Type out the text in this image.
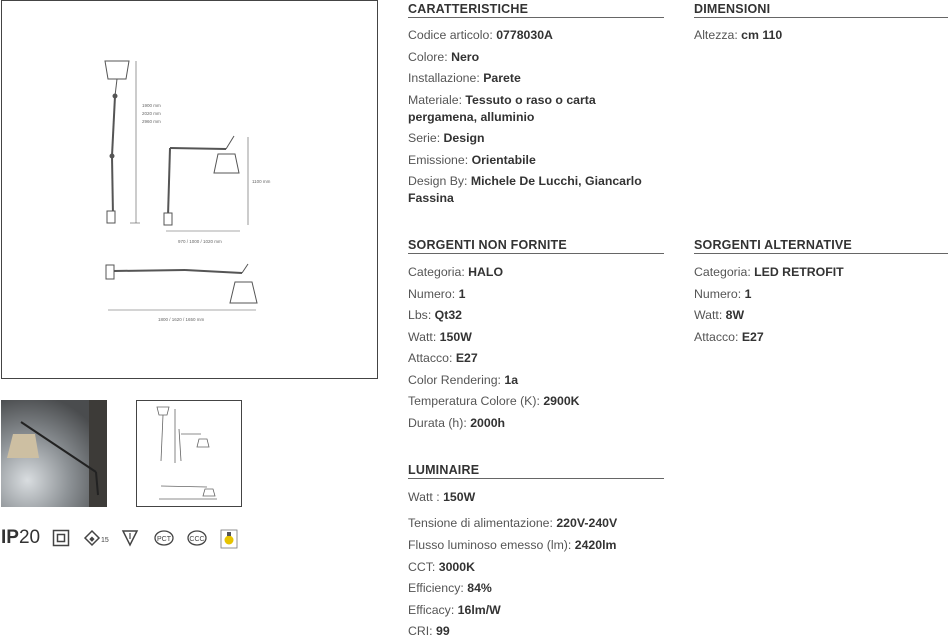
1900 mm
2020 mm
2960 mm
1100 mm
970 / 1000 / 1020 mm
1800 / 1620 / 1650 mm
IP20	◆ 15	PCT	CCC
CARATTERISTICHE
Codice articolo: 0778030A
Colore: Nero
Installazione: Parete
Materiale: Tessuto o raso o carta pergamena, alluminio
Serie: Design
Emissione: Orientabile
Design By: Michele De Lucchi, Giancarlo Fassina
DIMENSIONI
Altezza: cm 110
SORGENTI NON FORNITE
Categoria: HALO
Numero: 1
Lbs: Qt32
Watt: 150W
Attacco: E27
Color Rendering: 1a
Temperatura Colore (K): 2900K
Durata (h): 2000h
SORGENTI ALTERNATIVE
Categoria: LED RETROFIT
Numero: 1
Watt: 8W
Attacco: E27
LUMINAIRE
Watt : 150W
Tensione di alimentazione: 220V-240V
Flusso luminoso emesso (lm): 2420lm
CCT: 3000K
Efficiency: 84%
Efficacy: 16lm/W
CRI: 99
